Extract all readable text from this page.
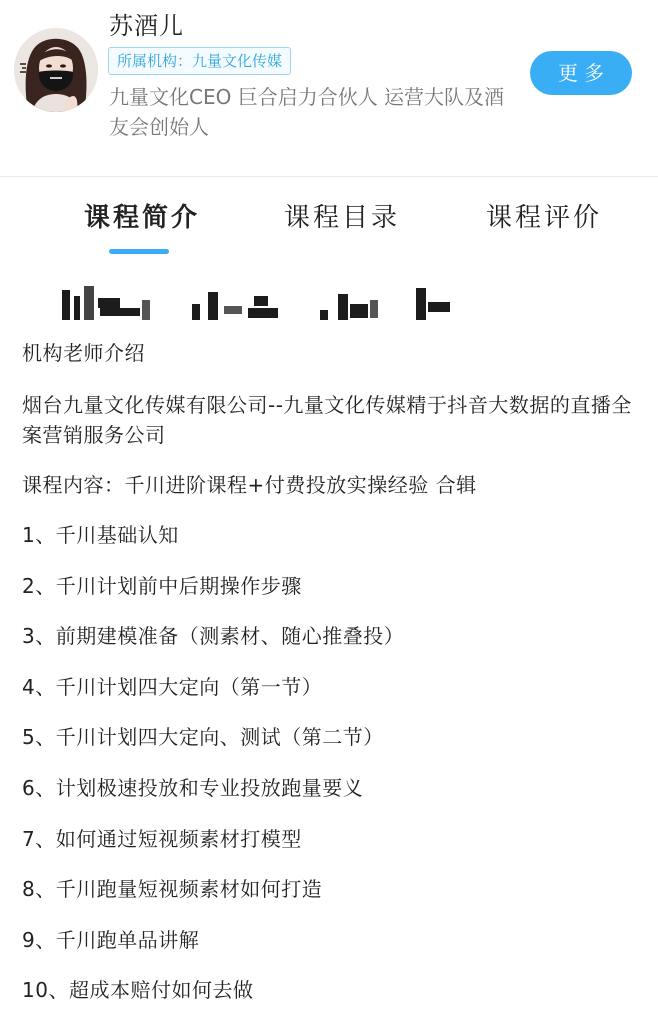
苏酒儿
所属机构：九量文化传媒
九量文化CEO 巨合启力合伙人 运营大队及酒友会创始人
更多
课程简介	课程目录	课程评价

机构老师介绍

烟台九量文化传媒有限公司--九量文化传媒精于抖音大数据的直播全案营销服务公司

课程内容：千川进阶课程+付费投放实操经验 合辑

1、千川基础认知
2、千川计划前中后期操作步骤
3、前期建模准备（测素材、随心推叠投）
4、千川计划四大定向（第一节）
5、千川计划四大定向、测试（第二节）
6、计划极速投放和专业投放跑量要义
7、如何通过短视频素材打模型
8、千川跑量短视频素材如何打造
9、千川跑单品讲解
10、超成本赔付如何去做
